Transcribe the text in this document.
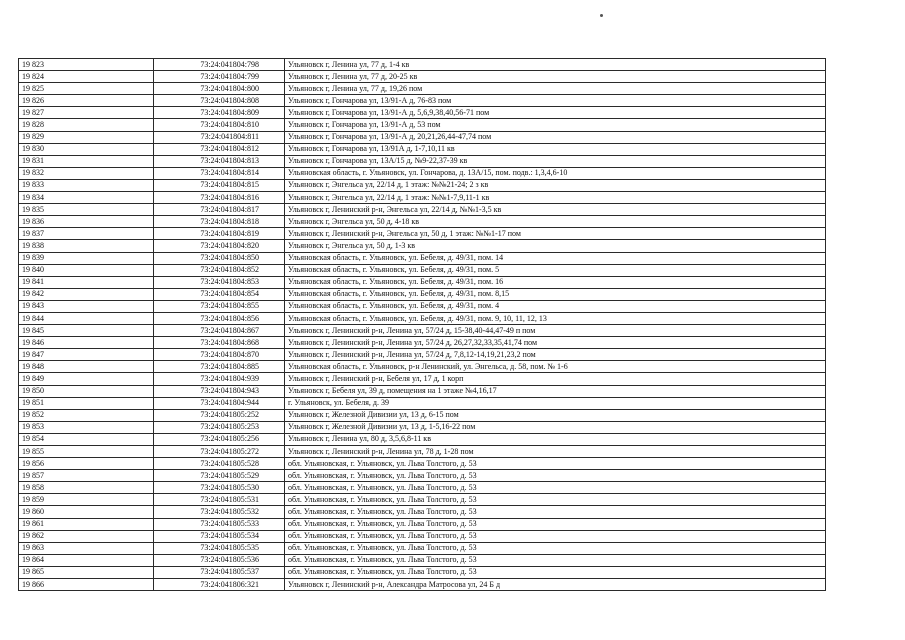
19 823	73:24:041804:798	Ульяновск г, Ленина ул, 77 д, 1-4 кв
19 824	73:24:041804:799	Ульяновск г, Ленина ул, 77 д, 20-25 кв
19 825	73:24:041804:800	Ульяновск г, Ленина ул, 77 д, 19,26 пом
19 826	73:24:041804:808	Ульяновск г, Гончарова ул, 13/91-А д, 76-83 пом
19 827	73:24:041804:809	Ульяновск г, Гончарова ул, 13/91-А д, 5,6,9,38,40,56-71 пом
19 828	73:24:041804:810	Ульяновск г, Гончарова ул, 13/91-А д, 53 пом
19 829	73:24:041804:811	Ульяновск г, Гончарова ул, 13/91-А д, 20,21,26,44-47,74 пом
19 830	73:24:041804:812	Ульяновск г, Гончарова ул, 13/91А д, 1-7,10,11 кв
19 831	73:24:041804:813	Ульяновск г, Гончарова ул, 13А/15 д, №9-22,37-39 кв
19 832	73:24:041804:814	Ульяновская область, г. Ульяновск, ул. Гончарова, д. 13А/15, пом. подв.: 1,3,4,6-10
19 833	73:24:041804:815	Ульяновск г, Энгельса ул, 22/14 д, 1 этаж: №№21-24; 2 з кв
19 834	73:24:041804:816	Ульяновск г, Энгельса ул, 22/14 д, 1 этаж: №№1-7,9,11-1 кв
19 835	73:24:041804:817	Ульяновск г, Ленинский р-н, Энгельса ул, 22/14 д, №№1-3,5 кв
19 836	73:24:041804:818	Ульяновск г, Энгельса ул, 50 д, 4-18 кв
19 837	73:24:041804:819	Ульяновск г, Ленинский р-н, Энгельса ул, 50 д, 1 этаж: №№1-17 пом
19 838	73:24:041804:820	Ульяновск г, Энгельса ул, 50 д, 1-3 кв
19 839	73:24:041804:850	Ульяновская область, г. Ульяновск, ул. Бебеля, д. 49/31, пом. 14
19 840	73:24:041804:852	Ульяновская область, г. Ульяновск, ул. Бебеля, д. 49/31, пом. 5
19 841	73:24:041804:853	Ульяновская область, г. Ульяновск, ул. Бебеля, д. 49/31, пом. 16
19 842	73:24:041804:854	Ульяновская область, г. Ульяновск, ул. Бебеля, д. 49/31, пом. 8,15
19 843	73:24:041804:855	Ульяновская область, г. Ульяновск, ул. Бебеля, д. 49/31, пом. 4
19 844	73:24:041804:856	Ульяновская область, г. Ульяновск, ул. Бебеля, д. 49/31, пом. 9, 10, 11, 12, 13
19 845	73:24:041804:867	Ульяновск г, Ленинский р-н, Ленина ул, 57/24 д, 15-38,40-44,47-49 п пом
19 846	73:24:041804:868	Ульяновск г, Ленинский р-н, Ленина ул, 57/24 д, 26,27,32,33,35,41,74 пом
19 847	73:24:041804:870	Ульяновск г, Ленинский р-н, Ленина ул, 57/24 д, 7,8,12-14,19,21,23,2 пом
19 848	73:24:041804:885	Ульяновская область, г. Ульяновск, р-н Ленинский, ул. Энгельса, д. 58, пом. № 1-6
19 849	73:24:041804:939	Ульяновск г, Ленинский р-н, Бебеля ул, 17 д, 1 корп
19 850	73:24:041804:943	Ульяновск г, Бебеля ул, 39 д, помещения на 1 этаже №4,16,17
19 851	73:24:041804:944	г. Ульяновск, ул. Бебеля, д. 39
19 852	73:24:041805:252	Ульяновск г, Железной Дивизии ул, 13 д, 6-15 пом
19 853	73:24:041805:253	Ульяновск г, Железной Дивизии ул, 13 д, 1-5,16-22 пом
19 854	73:24:041805:256	Ульяновск г, Ленина ул, 80 д, 3,5,6,8-11 кв
19 855	73:24:041805:272	Ульяновск г, Ленинский р-н, Ленина ул, 78 д, 1-28 пом
19 856	73:24:041805:528	обл. Ульяновская, г. Ульяновск, ул. Льва Толстого, д. 53
19 857	73:24:041805:529	обл. Ульяновская, г. Ульяновск, ул. Льва Толстого, д. 53
19 858	73:24:041805:530	обл. Ульяновская, г. Ульяновск, ул. Льва Толстого, д. 53
19 859	73:24:041805:531	обл. Ульяновская, г. Ульяновск, ул. Льва Толстого, д. 53
19 860	73:24:041805:532	обл. Ульяновская, г. Ульяновск, ул. Льва Толстого, д. 53
19 861	73:24:041805:533	обл. Ульяновская, г. Ульяновск, ул. Льва Толстого, д. 53
19 862	73:24:041805:534	обл. Ульяновская, г. Ульяновск, ул. Льва Толстого, д. 53
19 863	73:24:041805:535	обл. Ульяновская, г. Ульяновск, ул. Льва Толстого, д. 53
19 864	73:24:041805:536	обл. Ульяновская, г. Ульяновск, ул. Льва Толстого, д. 53
19 865	73:24:041805:537	обл. Ульяновская, г. Ульяновск, ул. Льва Толстого, д. 53
19 866	73:24:041806:321	Ульяновск г, Ленинский р-н, Александра Матросова ул, 24 Б д
